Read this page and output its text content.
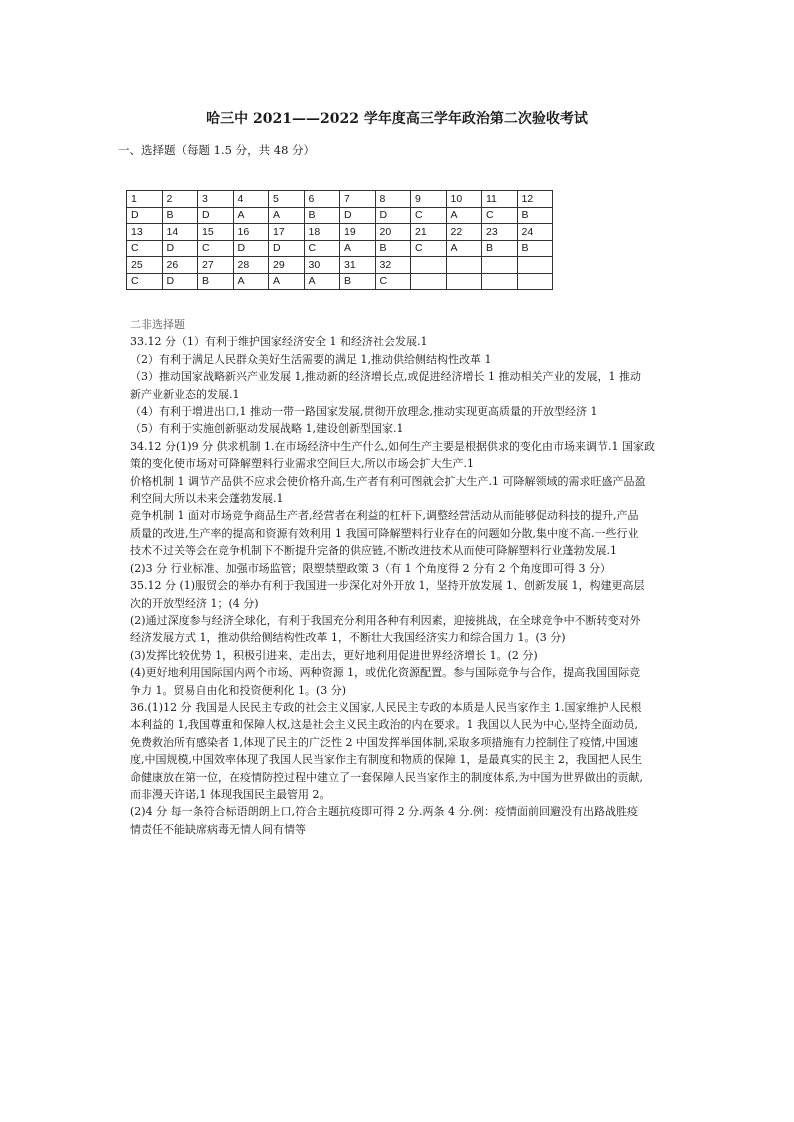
哈三中 2021——2022 学年度高三学年政治第二次验收考试
一、选择题（每题 1.5 分，共 48 分）
1	2	3	4	5	6	7	8	9	10	11	12
D	B	D	A	A	B	D	D	C	A	C	B
13	14	15	16	17	18	19	20	21	22	23	24
C	D	C	D	D	C	A	B	C	A	B	B
25	26	27	28	29	30	31	32				
C	D	B	A	A	A	B	C				
二非选择题
33.12 分（1）有利于维护国家经济安全 1 和经济社会发展.1
（2）有利于满足人民群众美好生活需要的满足 1,推动供给侧结构性改革 1
（3）推动国家战略新兴产业发展 1,推动新的经济增长点,或促进经济增长 1 推动相关产业的发展，1 推动
新产业新业态的发展.1
（4）有利于增进出口,1 推动一带一路国家发展,贯彻开放理念,推动实现更高质量的开放型经济 1
（5）有利于实施创新驱动发展战略 1,建设创新型国家.1
34.12 分(1)9 分 供求机制 1.在市场经济中生产什么,如何生产主要是根据供求的变化由市场来调节.1 国家政
策的变化使市场对可降解塑料行业需求空间巨大,所以市场会扩大生产.1
价格机制 1 调节产品供不应求会使价格升高,生产者有利可图就会扩大生产.1 可降解领域的需求旺盛产品盈
利空间大所以未来会蓬勃发展.1
竞争机制 1 面对市场竞争商品生产者,经营者在利益的杠杆下,调整经营活动从而能够促动科技的提升,产品
质量的改进,生产率的提高和资源有效利用 1 我国可降解塑料行业存在的问题如分散,集中度不高.一些行业
技术不过关等会在竞争机制下不断提升完备的供应链,不断改进技术从而使可降解塑料行业蓬勃发展.1
(2)3 分 行业标准、加强市场监管；限塑禁塑政策 3（有 1 个角度得 2 分有 2 个角度即可得 3 分）
35.12 分 (1)服贸会的举办有利于我国进一步深化对外开放 1，坚持开放发展 1、创新发展 1，构建更高层
次的开放型经济 1；(4 分)
(2)通过深度参与经济全球化，有利于我国充分利用各种有利因素，迎接挑战，在全球竞争中不断转变对外
经济发展方式 1，推动供给侧结构性改革 1，不断壮大我国经济实力和综合国力 1。(3 分)
(3)发挥比较优势 1，积极引进来、走出去，更好地利用促进世界经济增长 1。(2 分)
(4)更好地利用国际国内两个市场、两种资源 1，或优化资源配置。参与国际竞争与合作，提高我国国际竞
争力 1。贸易自由化和投资便利化 1。(3 分)
36.(1)12 分 我国是人民民主专政的社会主义国家,人民民主专政的本质是人民当家作主 1.国家维护人民根
本利益的 1,我国尊重和保障人权,这是社会主义民主政治的内在要求。1 我国以人民为中心,坚持全面动员,
免费救治所有感染者 1,体现了民主的广泛性 2 中国发挥举国体制,采取多项措施有力控制住了疫情,中国速
度,中国规模,中国效率体现了我国人民当家作主有制度和物质的保障 1，是最真实的民主 2，我国把人民生
命健康放在第一位，在疫情防控过程中建立了一套保障人民当家作主的制度体系,为中国为世界做出的贡献,
而非漫天许诺,1 体现我国民主最管用 2。
(2)4 分 每一条符合标语朗朗上口,符合主题抗疫即可得 2 分.两条 4 分.例：疫情面前回避没有出路战胜疫
情责任不能缺席病毒无情人间有情等
